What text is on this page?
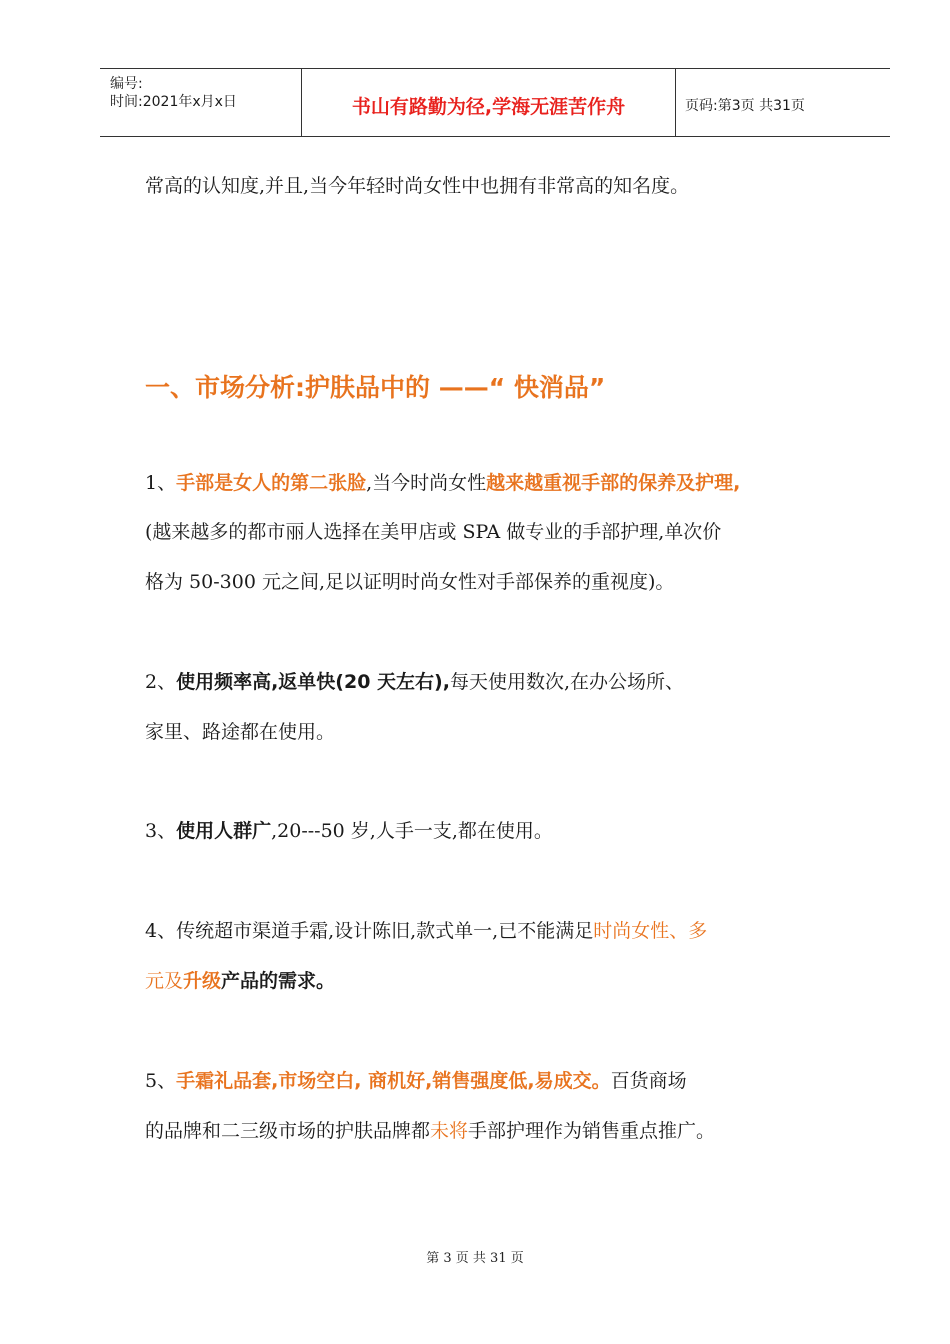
编号:
时间:2021年x月x日	书山有路勤为径,学海无涯苦作舟	页码:第3页 共31页
常高的认知度,并且,当今年轻时尚女性中也拥有非常高的知名度。
一、市场分析:护肤品中的 ——“ 快消品”
1、手部是女人的第二张脸,当今时尚女性越来越重视手部的保养及护理,
(越来越多的都市丽人选择在美甲店或 SPA 做专业的手部护理,单次价
格为 50-300 元之间,足以证明时尚女性对手部保养的重视度)。
2、使用频率高,返单快(20 天左右),每天使用数次,在办公场所、
家里、路途都在使用。
3、使用人群广,20---50 岁,人手一支,都在使用。
4、传统超市渠道手霜,设计陈旧,款式单一,已不能满足时尚女性、多
元及升级产品的需求。
5、手霜礼品套,市场空白, 商机好,销售强度低,易成交。百货商场
的品牌和二三级市场的护肤品牌都未将手部护理作为销售重点推广。
第 3 页 共 31 页
